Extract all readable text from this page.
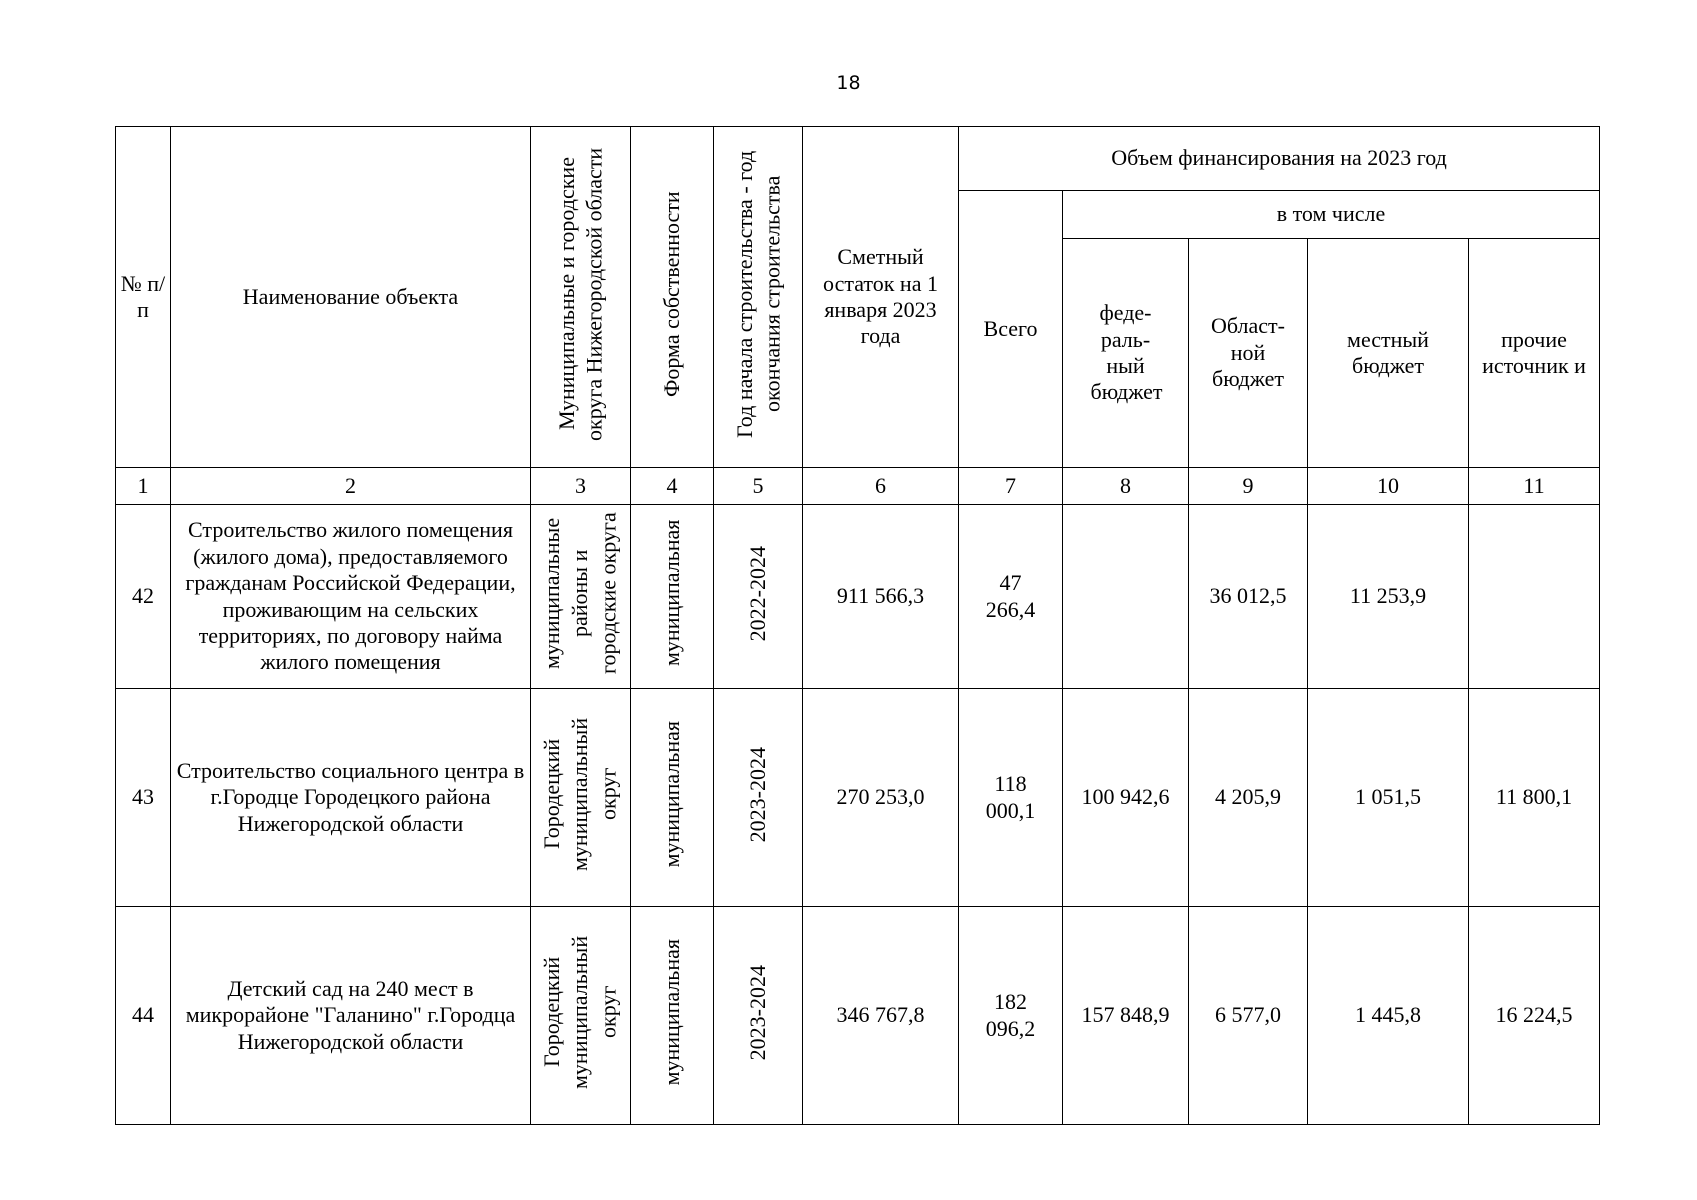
18
№ п/п	Наименование объекта	Муниципальные и городские округа Нижегородской области	Форма собственности	Год начала строительства - год окончания строительства	Сметный остаток на 1 января 2023 года	Объем финансирования на 2023 год				
						Всего	в том числе			
							феде-раль-ный бюджет	Област-ной бюджет	местный бюджет	прочие источник и
1	2	3	4	5	6	7	8	9	10	11
42	Строительство жилого помещения (жилого дома), предоставляемого гражданам Российской Федерации, проживающим на сельских территориях, по договору найма жилого помещения	муниципальные районы и городские округа	муниципальная	2022-2024	911 566,3	47 266,4		36 012,5	11 253,9	
43	Строительство социального центра в г.Городце Городецкого района Нижегородской области	Городецкий муниципальный округ	муниципальная	2023-2024	270 253,0	118 000,1	100 942,6	4 205,9	1 051,5	11 800,1
44	Детский сад на 240 мест в микрорайоне "Галанино" г.Городца Нижегородской области	Городецкий муниципальный округ	муниципальная	2023-2024	346 767,8	182 096,2	157 848,9	6 577,0	1 445,8	16 224,5
